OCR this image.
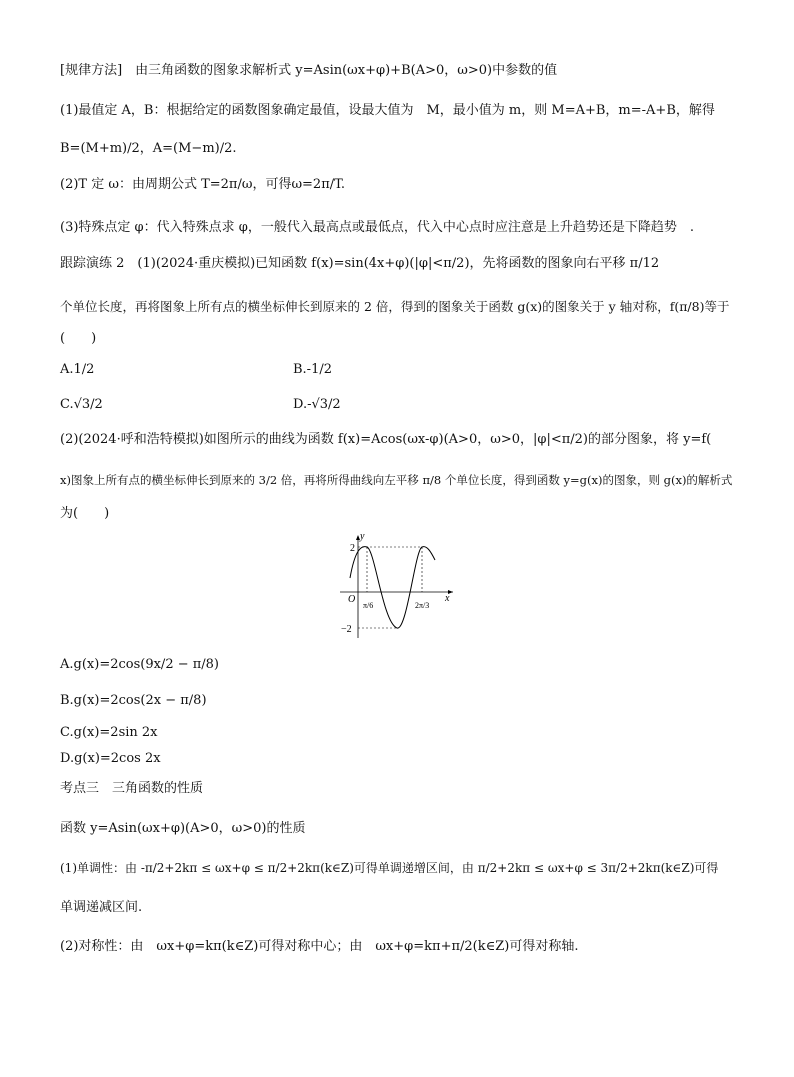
[规律方法]　由三角函数的图象求解析式 y=Asin(ωx+φ)+B(A>0，ω>0)中参数的值
(1)最值定 A，B：根据给定的函数图象确定最值，设最大值为　M，最小值为 m，则 M=A+B，m=-A+B，解得
B=(M+m)/2，A=(M−m)/2.
(2)T 定 ω：由周期公式 T=2π/ω，可得ω=2π/T.
(3)特殊点定 φ：代入特殊点求 φ，一般代入最高点或最低点，代入中心点时应注意是上升趋势还是下降趋势　.
跟踪演练 2　(1)(2024·重庆模拟)已知函数 f(x)=sin(4x+φ)(|φ|<π/2)，先将函数的图象向右平移 π/12
个单位长度，再将图象上所有点的横坐标伸长到原来的 2 倍，得到的图象关于函数 g(x)的图象关于 y 轴对称，f(π/8)等于
(　　)
A.1/2	B.-1/2
C.√3/2	D.-√3/2
(2)(2024·呼和浩特模拟)如图所示的曲线为函数 f(x)=Acos(ωx-φ)(A>0，ω>0，|φ|<π/2)的部分图象，将 y=f(
x)图象上所有点的横坐标伸长到原来的 3/2 倍，再将所得曲线向左平移 π/8 个单位长度，得到函数 y=g(x)的图象，则 g(x)的解析式
为(　　)
y
x
O
2
−2
π/6	2π/3
A.g(x)=2cos(9x/2 − π/8)
B.g(x)=2cos(2x − π/8)
C.g(x)=2sin 2x
D.g(x)=2cos 2x
考点三　三角函数的性质
函数 y=Asin(ωx+φ)(A>0，ω>0)的性质
(1)单调性：由 -π/2+2kπ ≤ ωx+φ ≤ π/2+2kπ(k∈Z)可得单调递增区间，由 π/2+2kπ ≤ ωx+φ ≤ 3π/2+2kπ(k∈Z)可得
单调递减区间.
(2)对称性：由　ωx+φ=kπ(k∈Z)可得对称中心；由　ωx+φ=kπ+π/2(k∈Z)可得对称轴.
